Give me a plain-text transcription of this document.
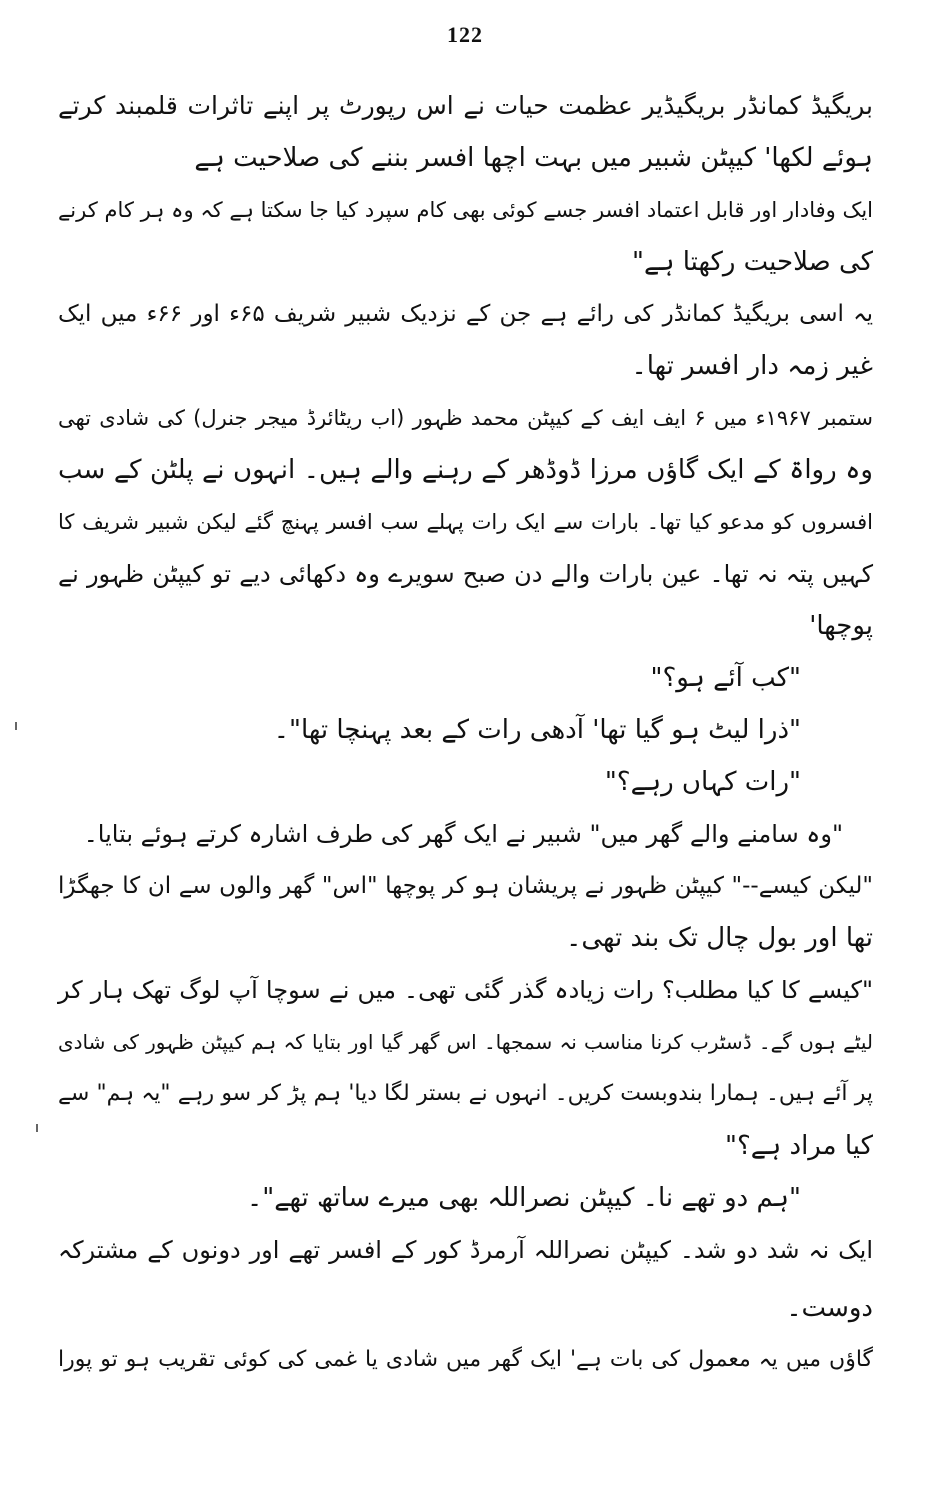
122
بریگیڈ کمانڈر بریگیڈیر عظمت حیات نے اس رپورٹ پر اپنے تاثرات قلمبند کرتے
ہوئے لکھا' کیپٹن شبیر میں بہت اچھا افسر بننے کی صلاحیت ہے
ایک وفادار اور قابل اعتماد افسر جسے کوئی بھی کام سپرد کیا جا سکتا ہے کہ وہ ہر کام کرنے
کی صلاحیت رکھتا ہے"
یہ اسی بریگیڈ کمانڈر کی رائے ہے جن کے نزدیک شبیر شریف ۶۵ء اور ۶۶ء میں ایک
غیر زمہ دار افسر تھا۔
ستمبر ۱۹۶۷ء میں ۶ ایف ایف کے کیپٹن محمد ظہور (اب ریٹائرڈ میجر جنرل) کی شادی تھی
وہ رواۃ کے ایک گاؤں مرزا ڈوڈھر کے رہنے والے ہیں۔ انہوں نے پلٹن کے سب
افسروں کو مدعو کیا تھا۔ بارات سے ایک رات پہلے سب افسر پہنچ گئے لیکن شبیر شریف کا
کہیں پتہ نہ تھا۔ عین بارات والے دن صبح سویرے وہ دکھائی دیے تو کیپٹن ظہور نے
پوچھا'
"کب آئے ہو؟"
"ذرا لیٹ ہو گیا تھا' آدھی رات کے بعد پہنچا تھا"۔
"رات کہاں رہے؟"
"وہ سامنے والے گھر میں" شبیر نے ایک گھر کی طرف اشارہ کرتے ہوئے بتایا۔
"لیکن کیسے--" کیپٹن ظہور نے پریشان ہو کر پوچھا "اس" گھر والوں سے ان کا جھگڑا
تھا اور بول چال تک بند تھی۔
"کیسے کا کیا مطلب؟ رات زیادہ گذر گئی تھی۔ میں نے سوچا آپ لوگ تھک ہار کر
لیٹے ہوں گے۔ ڈسٹرب کرنا مناسب نہ سمجھا۔ اس گھر گیا اور بتایا کہ ہم کیپٹن ظہور کی شادی
پر آئے ہیں۔ ہمارا بندوبست کریں۔ انہوں نے بستر لگا دیا' ہم پڑ کر سو رہے "یہ ہم" سے
کیا مراد ہے؟"
"ہم دو تھے نا۔ کیپٹن نصراللہ بھی میرے ساتھ تھے"۔
ایک نہ شد دو شد۔ کیپٹن نصراللہ آرمرڈ کور کے افسر تھے اور دونوں کے مشترکہ
دوست۔
گاؤں میں یہ معمول کی بات ہے' ایک گھر میں شادی یا غمی کی کوئی تقریب ہو تو پورا
